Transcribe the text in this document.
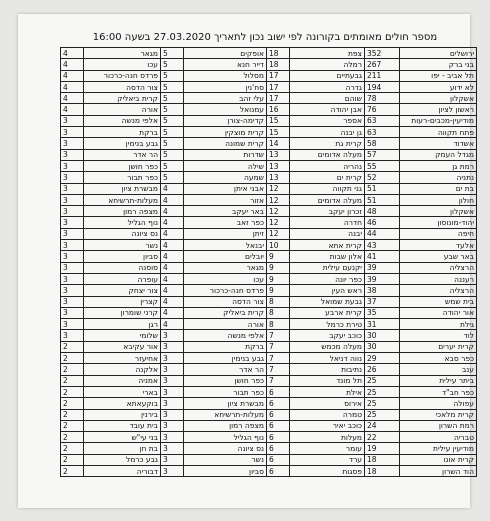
מספר חולים מאומתים בקורונה לפי ישוב נכון לתאריך 27.03.2020 בשעה 16:00
4	מגאר	5	אופקים	18	צפת	352	ירושלים
4	עכו	5	דייר חנא	18	רמלה	267	בני ברק
4	פרדס חנה-כרכור	5	מסלול	17	גבעתיים	211	תל אביב - יפו
4	צור הדסה	5	סח'נין	17	גדרה	194	לא ידוע
4	קרית ביאליק	5	עלי זהב	17	שוהם	78	אשקלון
4	אורה	5	עמנואל	16	אבן יהודה	76	ראשון לציון
3	אלפי מנשה	5	קדימה-צורן	15	אספר	63	מודיעין-מכבים-רעות
3	ברקת	5	קרית מוצקין	15	גן יבנה	63	פתח תקווה
3	גבע בנימין	5	קרית שמונה	14	קרית גת	58	אשדוד
3	הר אדר	5	שדרות	13	מעלה אדומים	57	מגדל העמק
3	כפר חושן	5	שילה	13	נהריה	55	רמת גן
3	כפר תבור	5	שמעה	13	קרית ים	52	נתניה
3	מבשרת ציון	4	אבני איתן	12	גני תקווה	51	בת ים
3	מעלות-תרשיחא	4	אזור	12	מעלה אדומים	51	חולון
3	מצפה רמון	4	באר יעקב	12	זכרון יעקב	48	אשקלון
3	נוף הגליל	4	כפר זאב	12	חדרה	46	יהוד-מונוסון
3	נס ציונה	4	זיתן	12	יבנה	44	חיפה
3	נשר	4	יבנאל	10	קרית אתא	43	אלעד
3	סביון	4	יובלים	9	אלון שבות	41	באר שבע
3	סוסנה	4	מגאר	9	יקנעם עילית	39	הרצליה
3	עופרה	4	עכו	9	כפר יונה	39	רעננה
3	צור יצחק	4	פרדס חנה-כרכור	9	ראש העין	38	הרצליה
3	קצרין	4	צור הדסה	8	גבעת שמואל	37	בית שמש
3	קרני שומרון	4	קרית ביאליק	8	קרית ארבע	35	אור יהודה
3	רגן	4	אורה	8	טירת כרמל	31	גילת
3	שלומי	3	אלפי מנשה	7	כוכב יעקב	30	לוד
2	אור עקיבא	3	ברקת	7	מעלה מכמש	30	קרית יערים
2	אחיעזר	3	גבע בנימין	7	נווה דניאל	29	כפר סבא
2	אלקנה	3	הר אדר	7	נתיבות	26	ענב
2	אמניה	3	כפר חושן	7	תל מונד	25	ביתר עילית
2	בארי	3	כפר תבור	6	אילת	25	כפר חב"ד
2	בוקעאתא	3	מבשרת ציון	6	אירוס	25	עפולה
2	בירנין	3	מעלות-תרשיחא	6	טמרה	25	קרית מלאכי
2	בית עובד	3	מצפה רמון	6	כוכב יאיר	24	רמת השרון
2	בני עי"ש	3	נוף הגליל	6	מעלות	22	טבריה
2	בת חן	3	נס ציונה	6	עומר	19	מודיעין עילית
2	גבע כרמל	3	נשר	6	ערד	18	קרית אונו
2	דבוריה	3	סביון	6	פסגות	18	הוד השרון
